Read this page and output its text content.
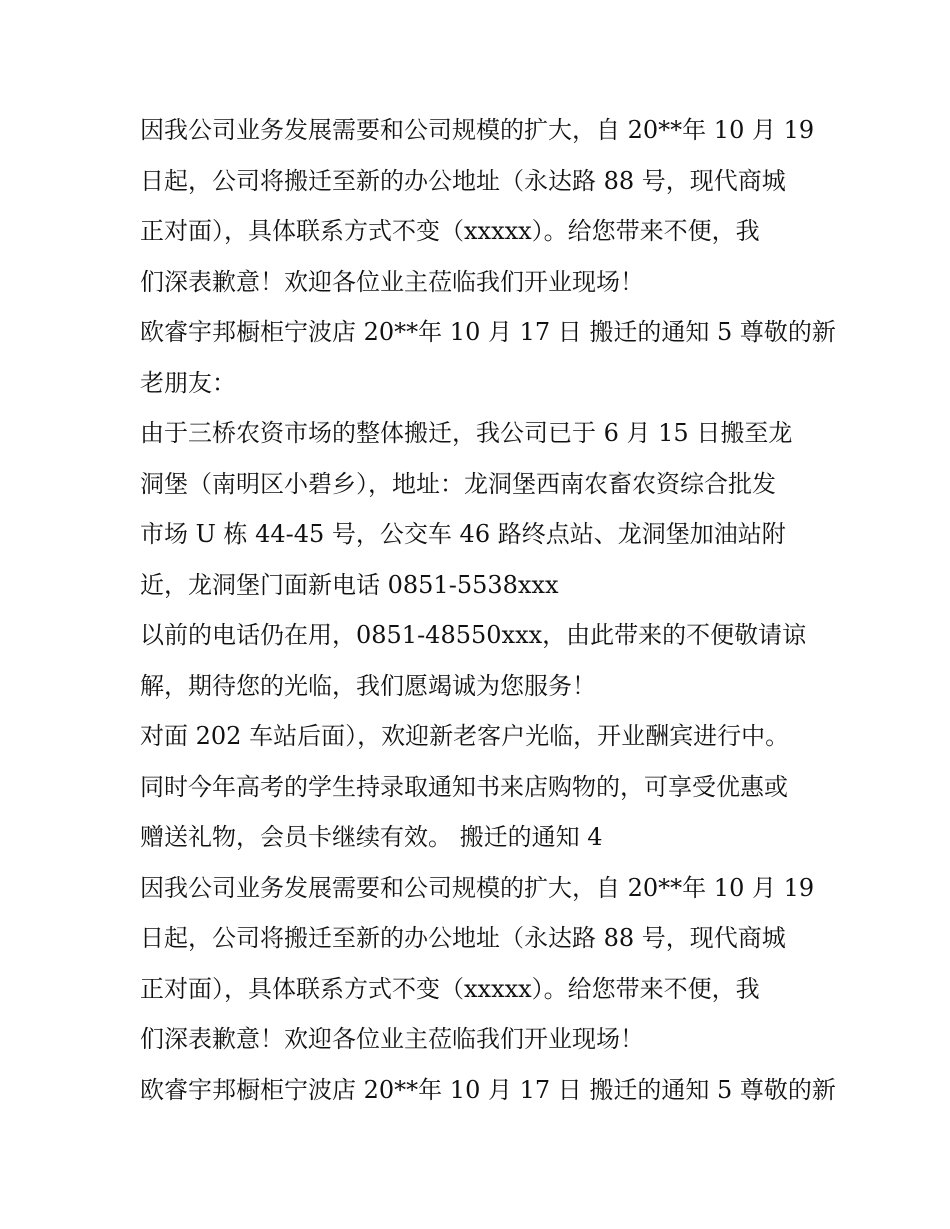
因我公司业务发展需要和公司规模的扩大，自 20**年 10 月 19
日起，公司将搬迁至新的办公地址（永达路 88 号，现代商城
正对面），具体联系方式不变（xxxxx）。给您带来不便，我
们深表歉意！欢迎各位业主莅临我们开业现场！
欧睿宇邦橱柜宁波店 20**年 10 月 17 日 搬迁的通知 5 尊敬的新
老朋友：
由于三桥农资市场的整体搬迁，我公司已于 6 月 15 日搬至龙
洞堡（南明区小碧乡），地址：龙洞堡西南农畜农资综合批发
市场 U 栋 44-45 号，公交车 46 路终点站、龙洞堡加油站附
近，龙洞堡门面新电话 0851-5538xxx
以前的电话仍在用，0851-48550xxx，由此带来的不便敬请谅
解，期待您的光临，我们愿竭诚为您服务！
对面 202 车站后面），欢迎新老客户光临，开业酬宾进行中。
同时今年高考的学生持录取通知书来店购物的，可享受优惠或
赠送礼物，会员卡继续有效。 搬迁的通知 4
因我公司业务发展需要和公司规模的扩大，自 20**年 10 月 19
日起，公司将搬迁至新的办公地址（永达路 88 号，现代商城
正对面），具体联系方式不变（xxxxx）。给您带来不便，我
们深表歉意！欢迎各位业主莅临我们开业现场！
欧睿宇邦橱柜宁波店 20**年 10 月 17 日 搬迁的通知 5 尊敬的新
